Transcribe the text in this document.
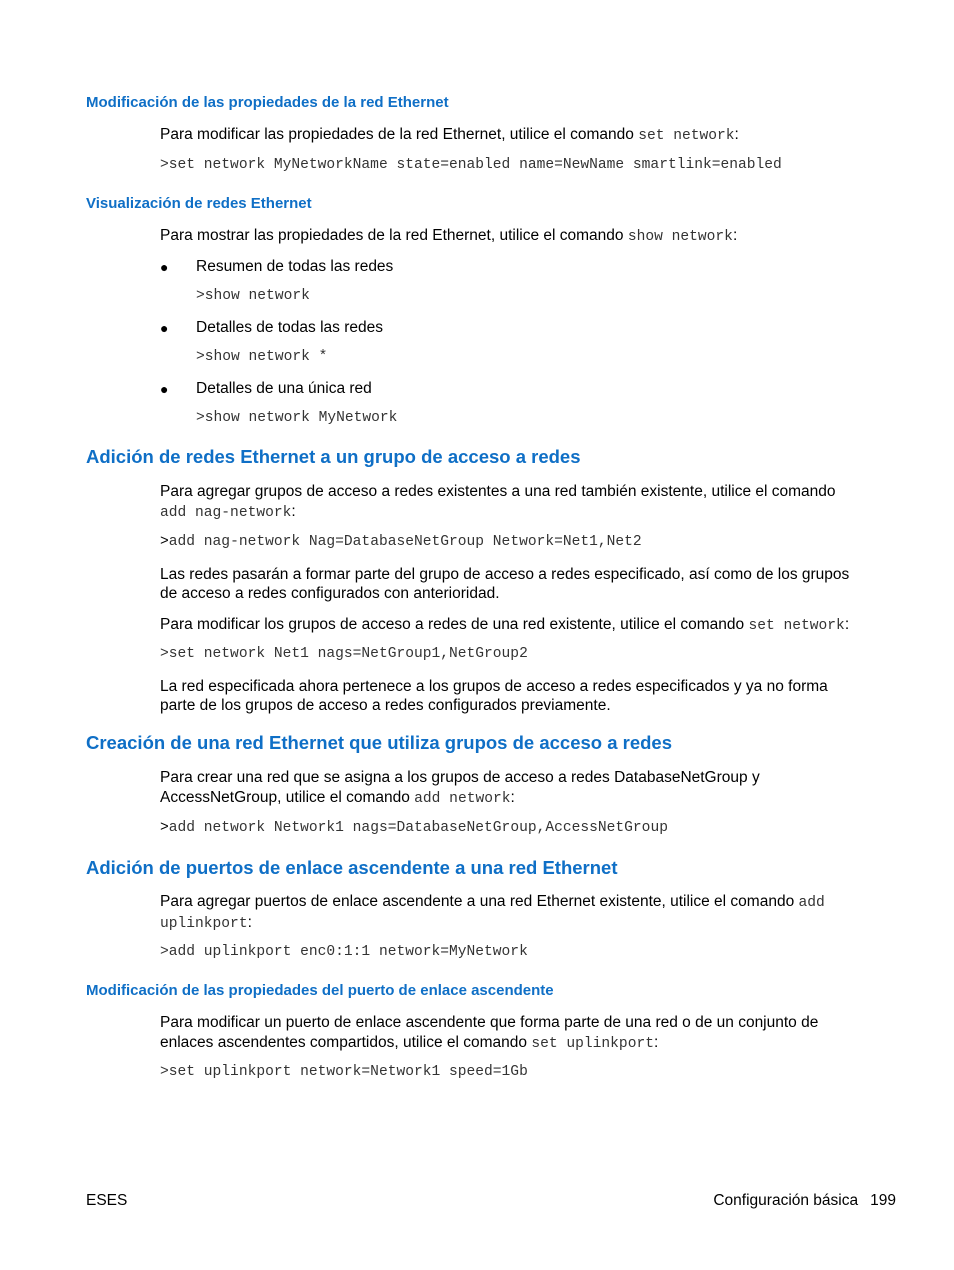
Modificación de las propiedades de la red Ethernet
Para modificar las propiedades de la red Ethernet, utilice el comando set network:
>set network MyNetworkName state=enabled name=NewName smartlink=enabled
Visualización de redes Ethernet
Para mostrar las propiedades de la red Ethernet, utilice el comando show network:
● Resumen de todas las redes
>show network
● Detalles de todas las redes
>show network *
● Detalles de una única red
>show network MyNetwork
Adición de redes Ethernet a un grupo de acceso a redes
Para agregar grupos de acceso a redes existentes a una red también existente, utilice el comando
add nag-network:
>add nag-network Nag=DatabaseNetGroup Network=Net1,Net2
Las redes pasarán a formar parte del grupo de acceso a redes especificado, así como de los grupos
de acceso a redes configurados con anterioridad.
Para modificar los grupos de acceso a redes de una red existente, utilice el comando set network:
>set network Net1 nags=NetGroup1,NetGroup2
La red especificada ahora pertenece a los grupos de acceso a redes especificados y ya no forma
parte de los grupos de acceso a redes configurados previamente.
Creación de una red Ethernet que utiliza grupos de acceso a redes
Para crear una red que se asigna a los grupos de acceso a redes DatabaseNetGroup y
AccessNetGroup, utilice el comando add network:
>add network Network1 nags=DatabaseNetGroup,AccessNetGroup
Adición de puertos de enlace ascendente a una red Ethernet
Para agregar puertos de enlace ascendente a una red Ethernet existente, utilice el comando add
uplinkport:
>add uplinkport enc0:1:1 network=MyNetwork
Modificación de las propiedades del puerto de enlace ascendente
Para modificar un puerto de enlace ascendente que forma parte de una red o de un conjunto de
enlaces ascendentes compartidos, utilice el comando set uplinkport:
>set uplinkport network=Network1 speed=1Gb
ESES	Configuración básica 199
